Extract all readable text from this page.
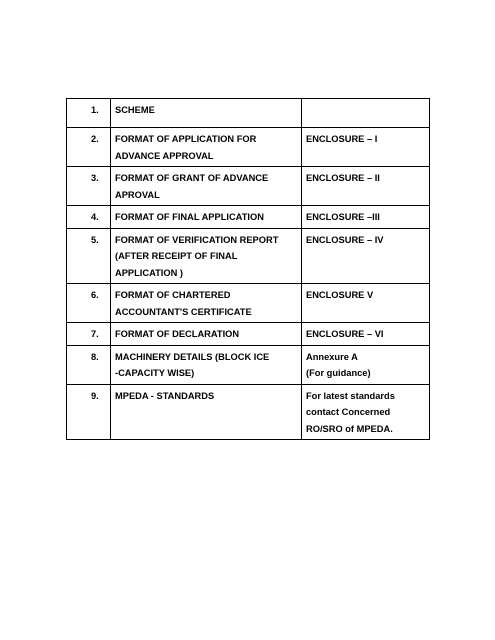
1.	SCHEME	

2.	FORMAT OF APPLICATION FOR
ADVANCE APPROVAL	ENCLOSURE – I

3.	FORMAT OF GRANT OF ADVANCE
APROVAL	ENCLOSURE – II

4.	FORMAT OF FINAL APPLICATION	ENCLOSURE –III

5.	FORMAT OF VERIFICATION REPORT
(AFTER RECEIPT OF FINAL
APPLICATION )	ENCLOSURE – IV

6.	FORMAT OF CHARTERED
ACCOUNTANT'S CERTIFICATE	ENCLOSURE V

7.	FORMAT OF DECLARATION	ENCLOSURE – VI

8.	MACHINERY DETAILS (BLOCK ICE
-CAPACITY WISE)	Annexure A
(For guidance)

9.	MPEDA - STANDARDS	For latest standards
contact Concerned
RO/SRO of MPEDA.
